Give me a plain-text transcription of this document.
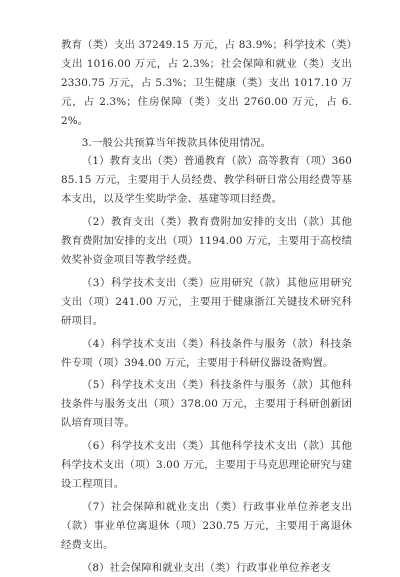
教育（类）支出 37249.15 万元，占 83.9%；科学技术（类）支出 1016.00 万元，占 2.3%；社会保障和就业（类）支出 2330.75 万元，占 5.3%；卫生健康（类）支出 1017.10 万元，占 2.3%；住房保障（类）支出 2760.00 万元，占 6.2%。

3.一般公共预算当年拨款具体使用情况。

（1）教育支出（类）普通教育（款）高等教育（项）36085.15 万元，主要用于人员经费、教学科研日常公用经费等基本支出，以及学生奖助学金、基建等项目经费。

（2）教育支出（类）教育费附加安排的支出（款）其他教育费附加安排的支出（项）1194.00 万元，主要用于高校绩效奖补资金项目等教学经费。

（3）科学技术支出（类）应用研究（款）其他应用研究支出（项）241.00 万元，主要用于健康浙江关键技术研究科研项目。

（4）科学技术支出（类）科技条件与服务（款）科技条件专项（项）394.00 万元，主要用于科研仪器设备购置。

（5）科学技术支出（类）科技条件与服务（款）其他科技条件与服务支出（项）378.00 万元，主要用于科研创新团队培育项目等。

（6）科学技术支出（类）其他科学技术支出（款）其他科学技术支出（项）3.00 万元，主要用于马克思理论研究与建设工程项目。

（7）社会保障和就业支出（类）行政事业单位养老支出（款）事业单位离退休（项）230.75 万元，主要用于离退休经费支出。

（8）社会保障和就业支出（类）行政事业单位养老支
